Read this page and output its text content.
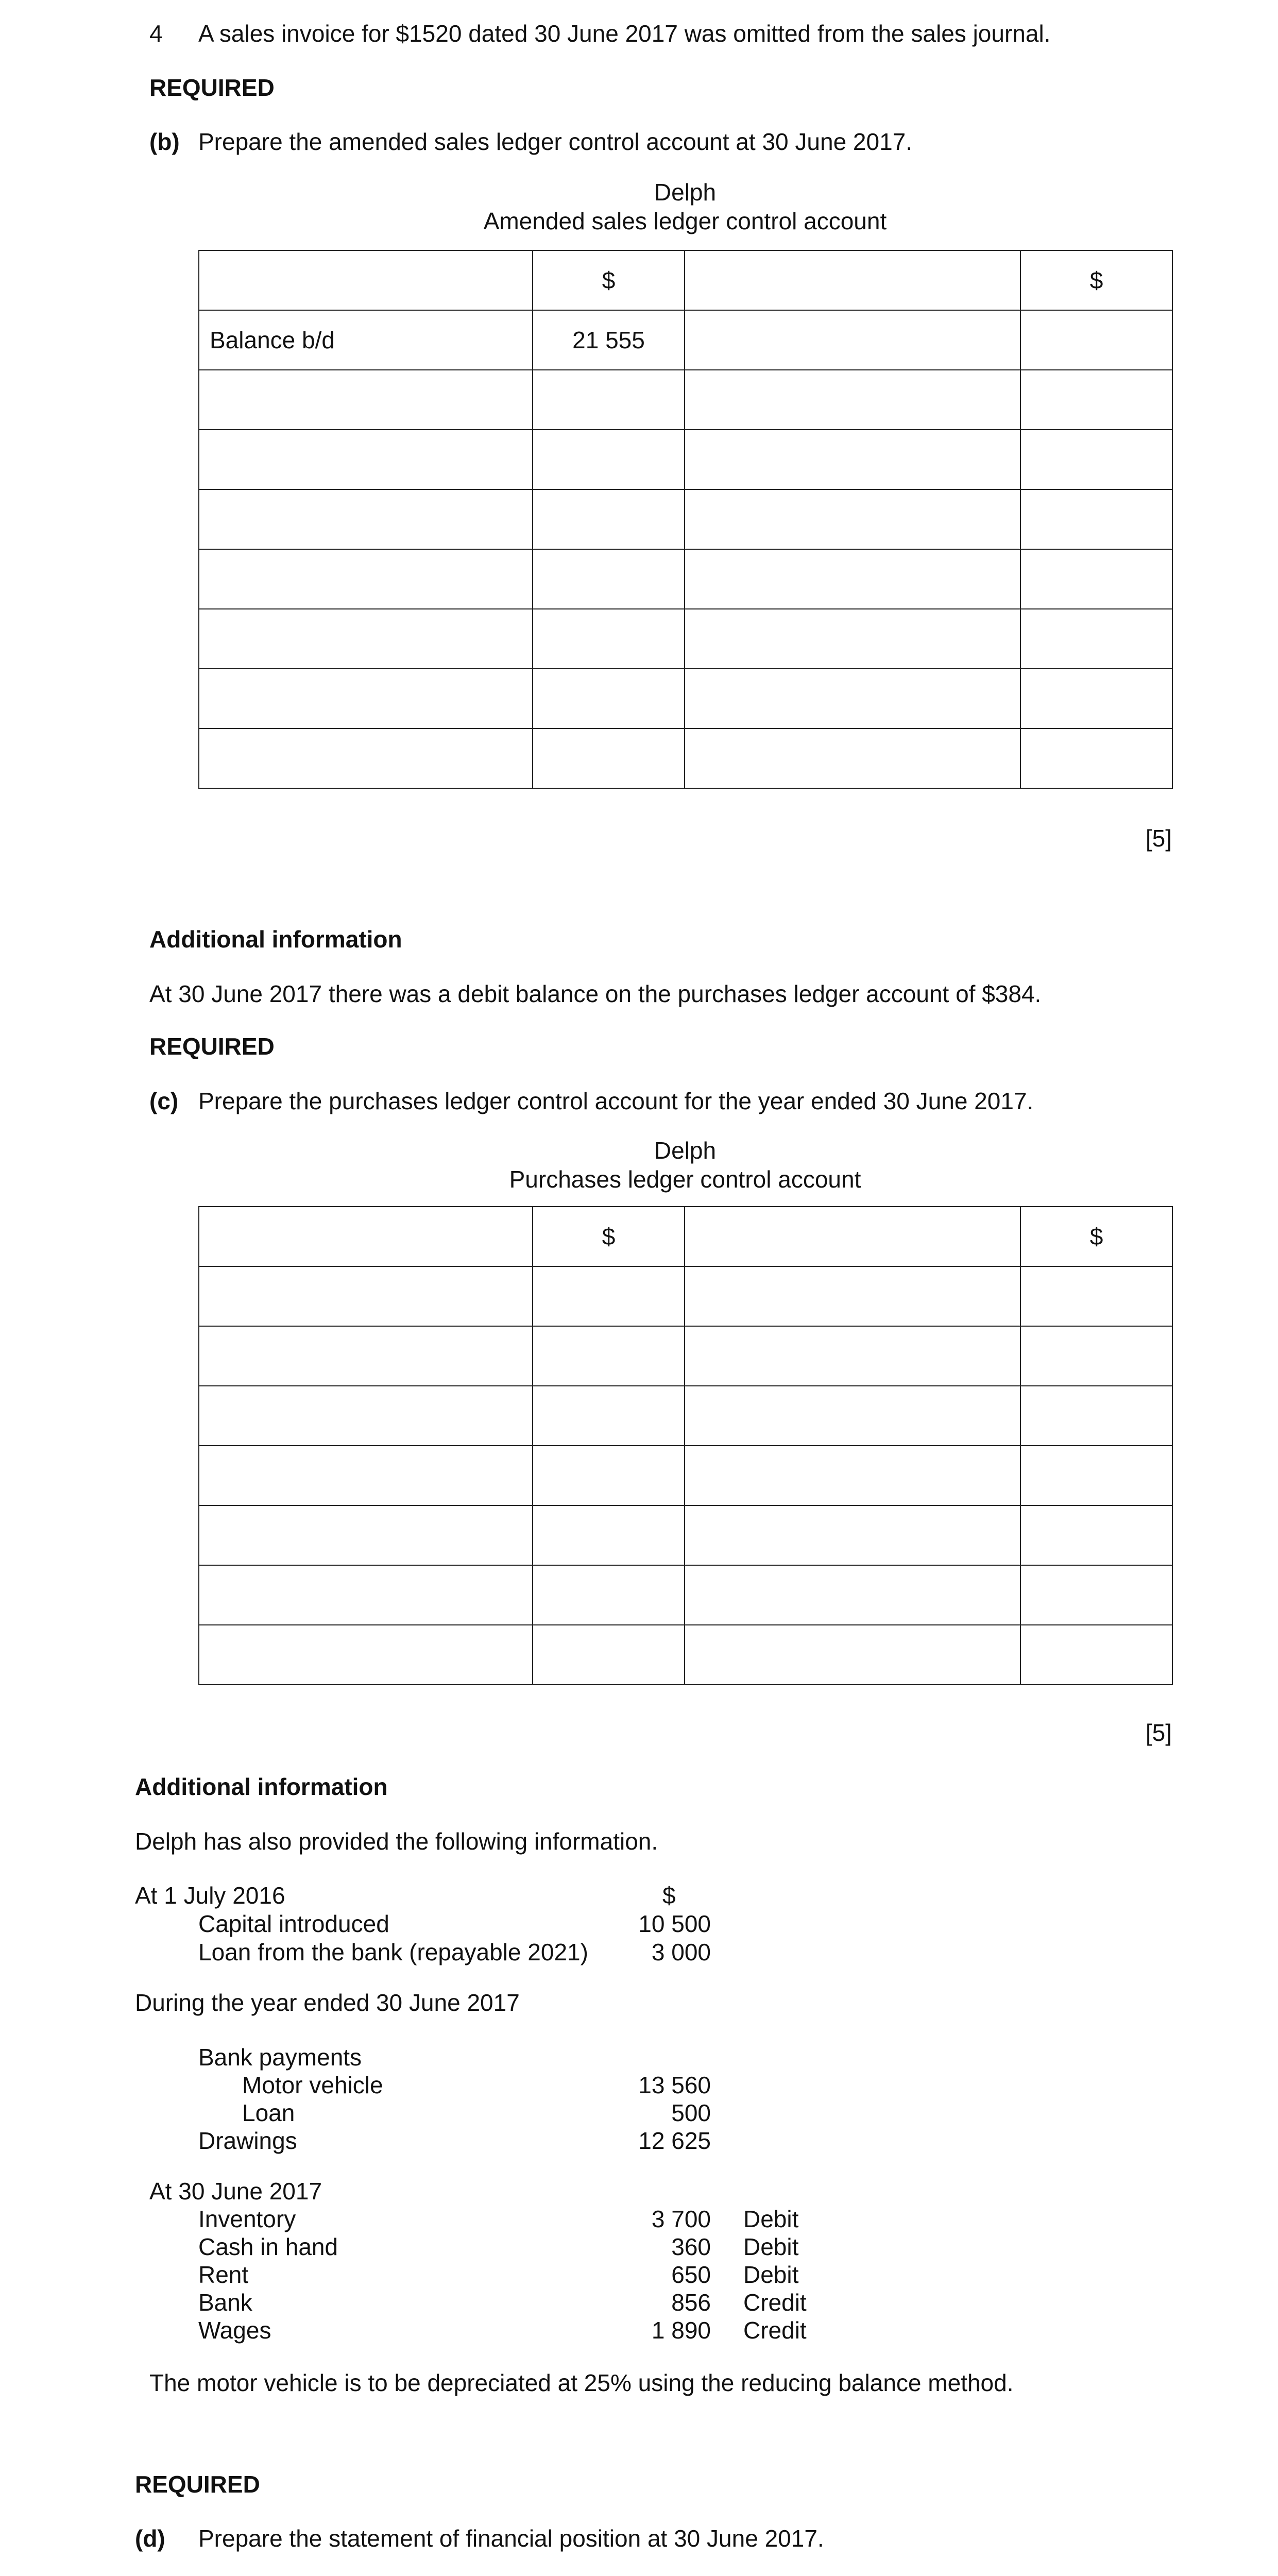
4 A sales invoice for $1520 dated 30 June 2017 was omitted from the sales journal.
REQUIRED
(b) Prepare the amended sales ledger control account at 30 June 2017.
Delph
Amended sales ledger control account
	$		$
Balance b/d	21 555		

[5]
Additional information
At 30 June 2017 there was a debit balance on the purchases ledger account of $384.
REQUIRED
(c) Prepare the purchases ledger control account for the year ended 30 June 2017.
Delph
Purchases ledger control account
	$		$

[5]
Additional information
Delph has also provided the following information.
At 1 July 2016	$
Capital introduced	10 500
Loan from the bank (repayable 2021)	3 000
During the year ended 30 June 2017
Bank payments
Motor vehicle	13 560
Loan	500
Drawings	12 625
At 30 June 2017
Inventory	3 700 Debit
Cash in hand	360 Debit
Rent	650 Debit
Bank	856 Credit
Wages	1 890 Credit
The motor vehicle is to be depreciated at 25% using the reducing balance method.
REQUIRED
(d) Prepare the statement of financial position at 30 June 2017.
